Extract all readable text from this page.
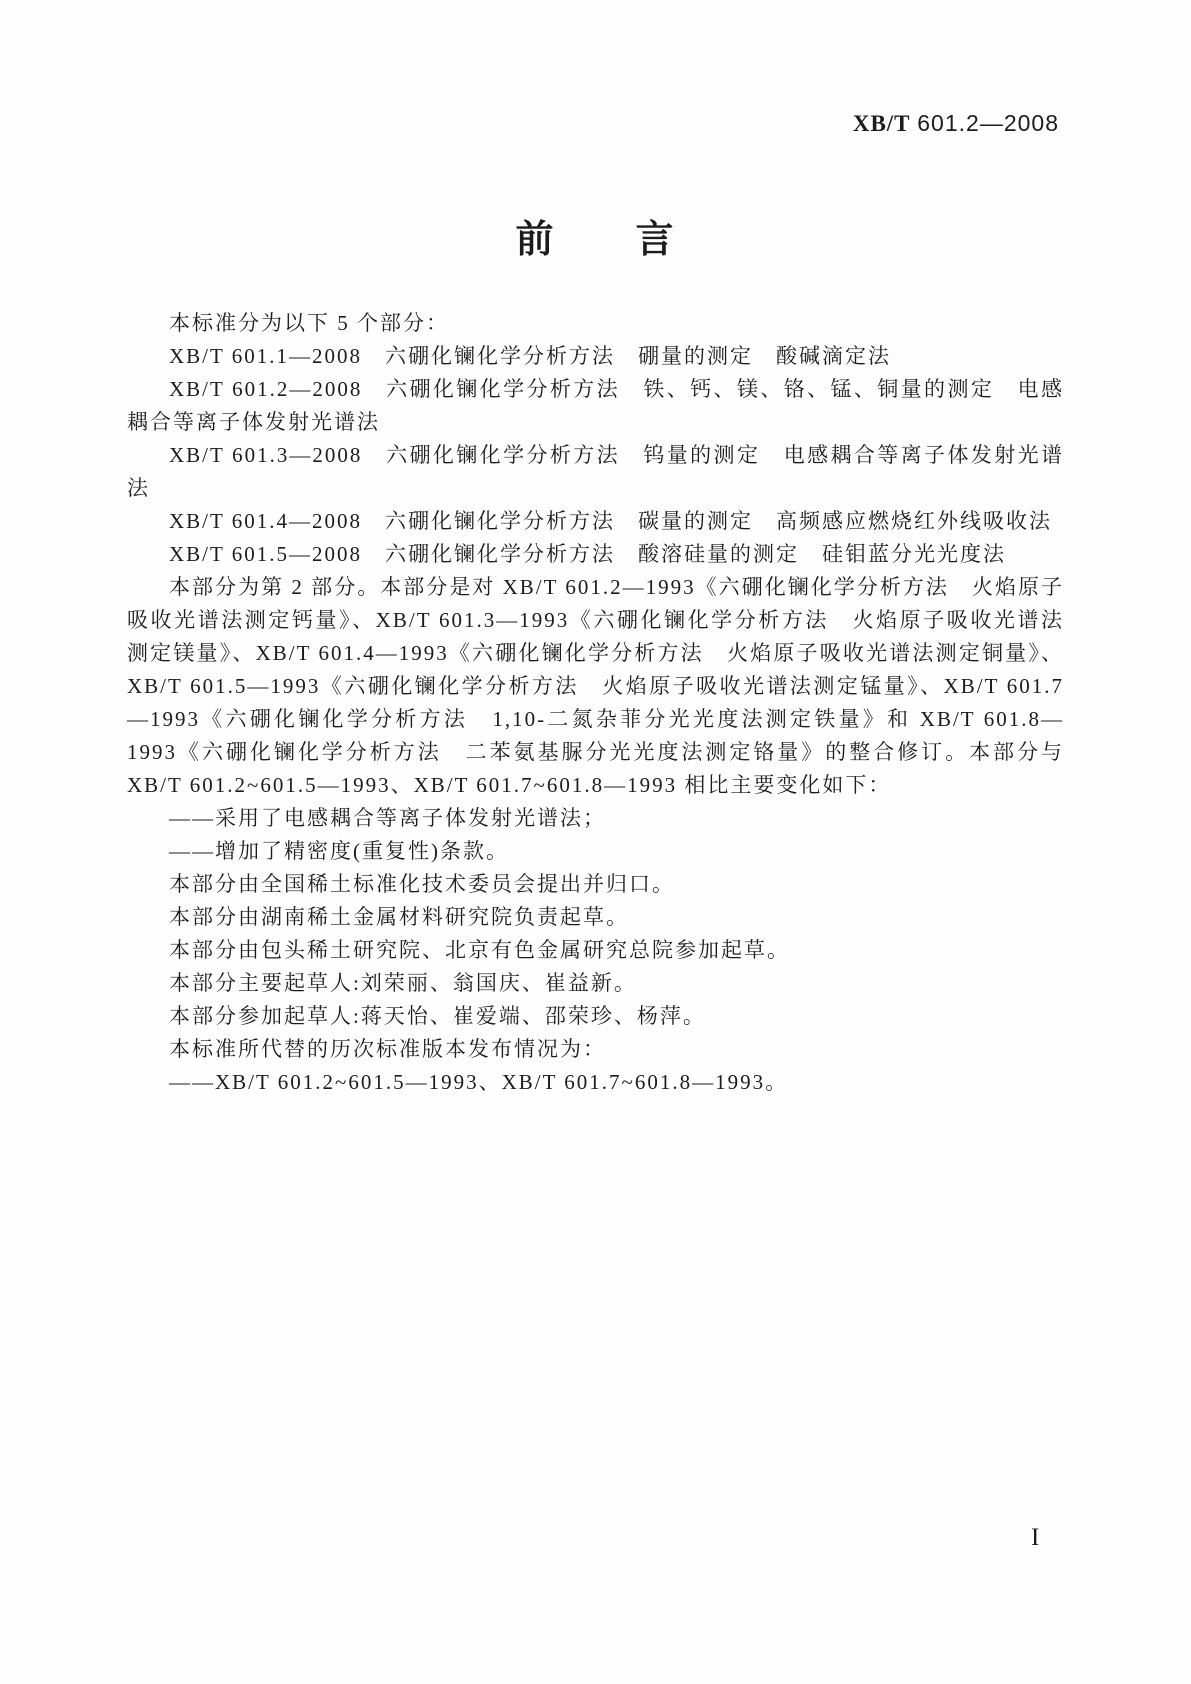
XB/T 601.2—2008
前　　言

本标准分为以下 5 个部分：

XB/T 601.1—2008　六硼化镧化学分析方法　硼量的测定　酸碱滴定法

XB/T 601.2—2008　六硼化镧化学分析方法　铁、钙、镁、铬、锰、铜量的测定　电感耦合等离子体发射光谱法

XB/T 601.3—2008　六硼化镧化学分析方法　钨量的测定　电感耦合等离子体发射光谱法

XB/T 601.4—2008　六硼化镧化学分析方法　碳量的测定　高频感应燃烧红外线吸收法

XB/T 601.5—2008　六硼化镧化学分析方法　酸溶硅量的测定　硅钼蓝分光光度法

本部分为第 2 部分。本部分是对 XB/T 601.2—1993《六硼化镧化学分析方法　火焰原子吸收光谱法测定钙量》、XB/T 601.3—1993《六硼化镧化学分析方法　火焰原子吸收光谱法测定镁量》、XB/T 601.4—1993《六硼化镧化学分析方法　火焰原子吸收光谱法测定铜量》、XB/T 601.5—1993《六硼化镧化学分析方法　火焰原子吸收光谱法测定锰量》、XB/T 601.7—1993《六硼化镧化学分析方法　1,10-二氮杂菲分光光度法测定铁量》和 XB/T 601.8—1993《六硼化镧化学分析方法　二苯氨基脲分光光度法测定铬量》的整合修订。本部分与 XB/T 601.2~601.5—1993、XB/T 601.7~601.8—1993 相比主要变化如下：

——采用了电感耦合等离子体发射光谱法；

——增加了精密度(重复性)条款。

本部分由全国稀土标准化技术委员会提出并归口。

本部分由湖南稀土金属材料研究院负责起草。

本部分由包头稀土研究院、北京有色金属研究总院参加起草。

本部分主要起草人:刘荣丽、翁国庆、崔益新。

本部分参加起草人:蒋天怡、崔爱端、邵荣珍、杨萍。

本标准所代替的历次标准版本发布情况为：

——XB/T 601.2~601.5—1993、XB/T 601.7~601.8—1993。

I
